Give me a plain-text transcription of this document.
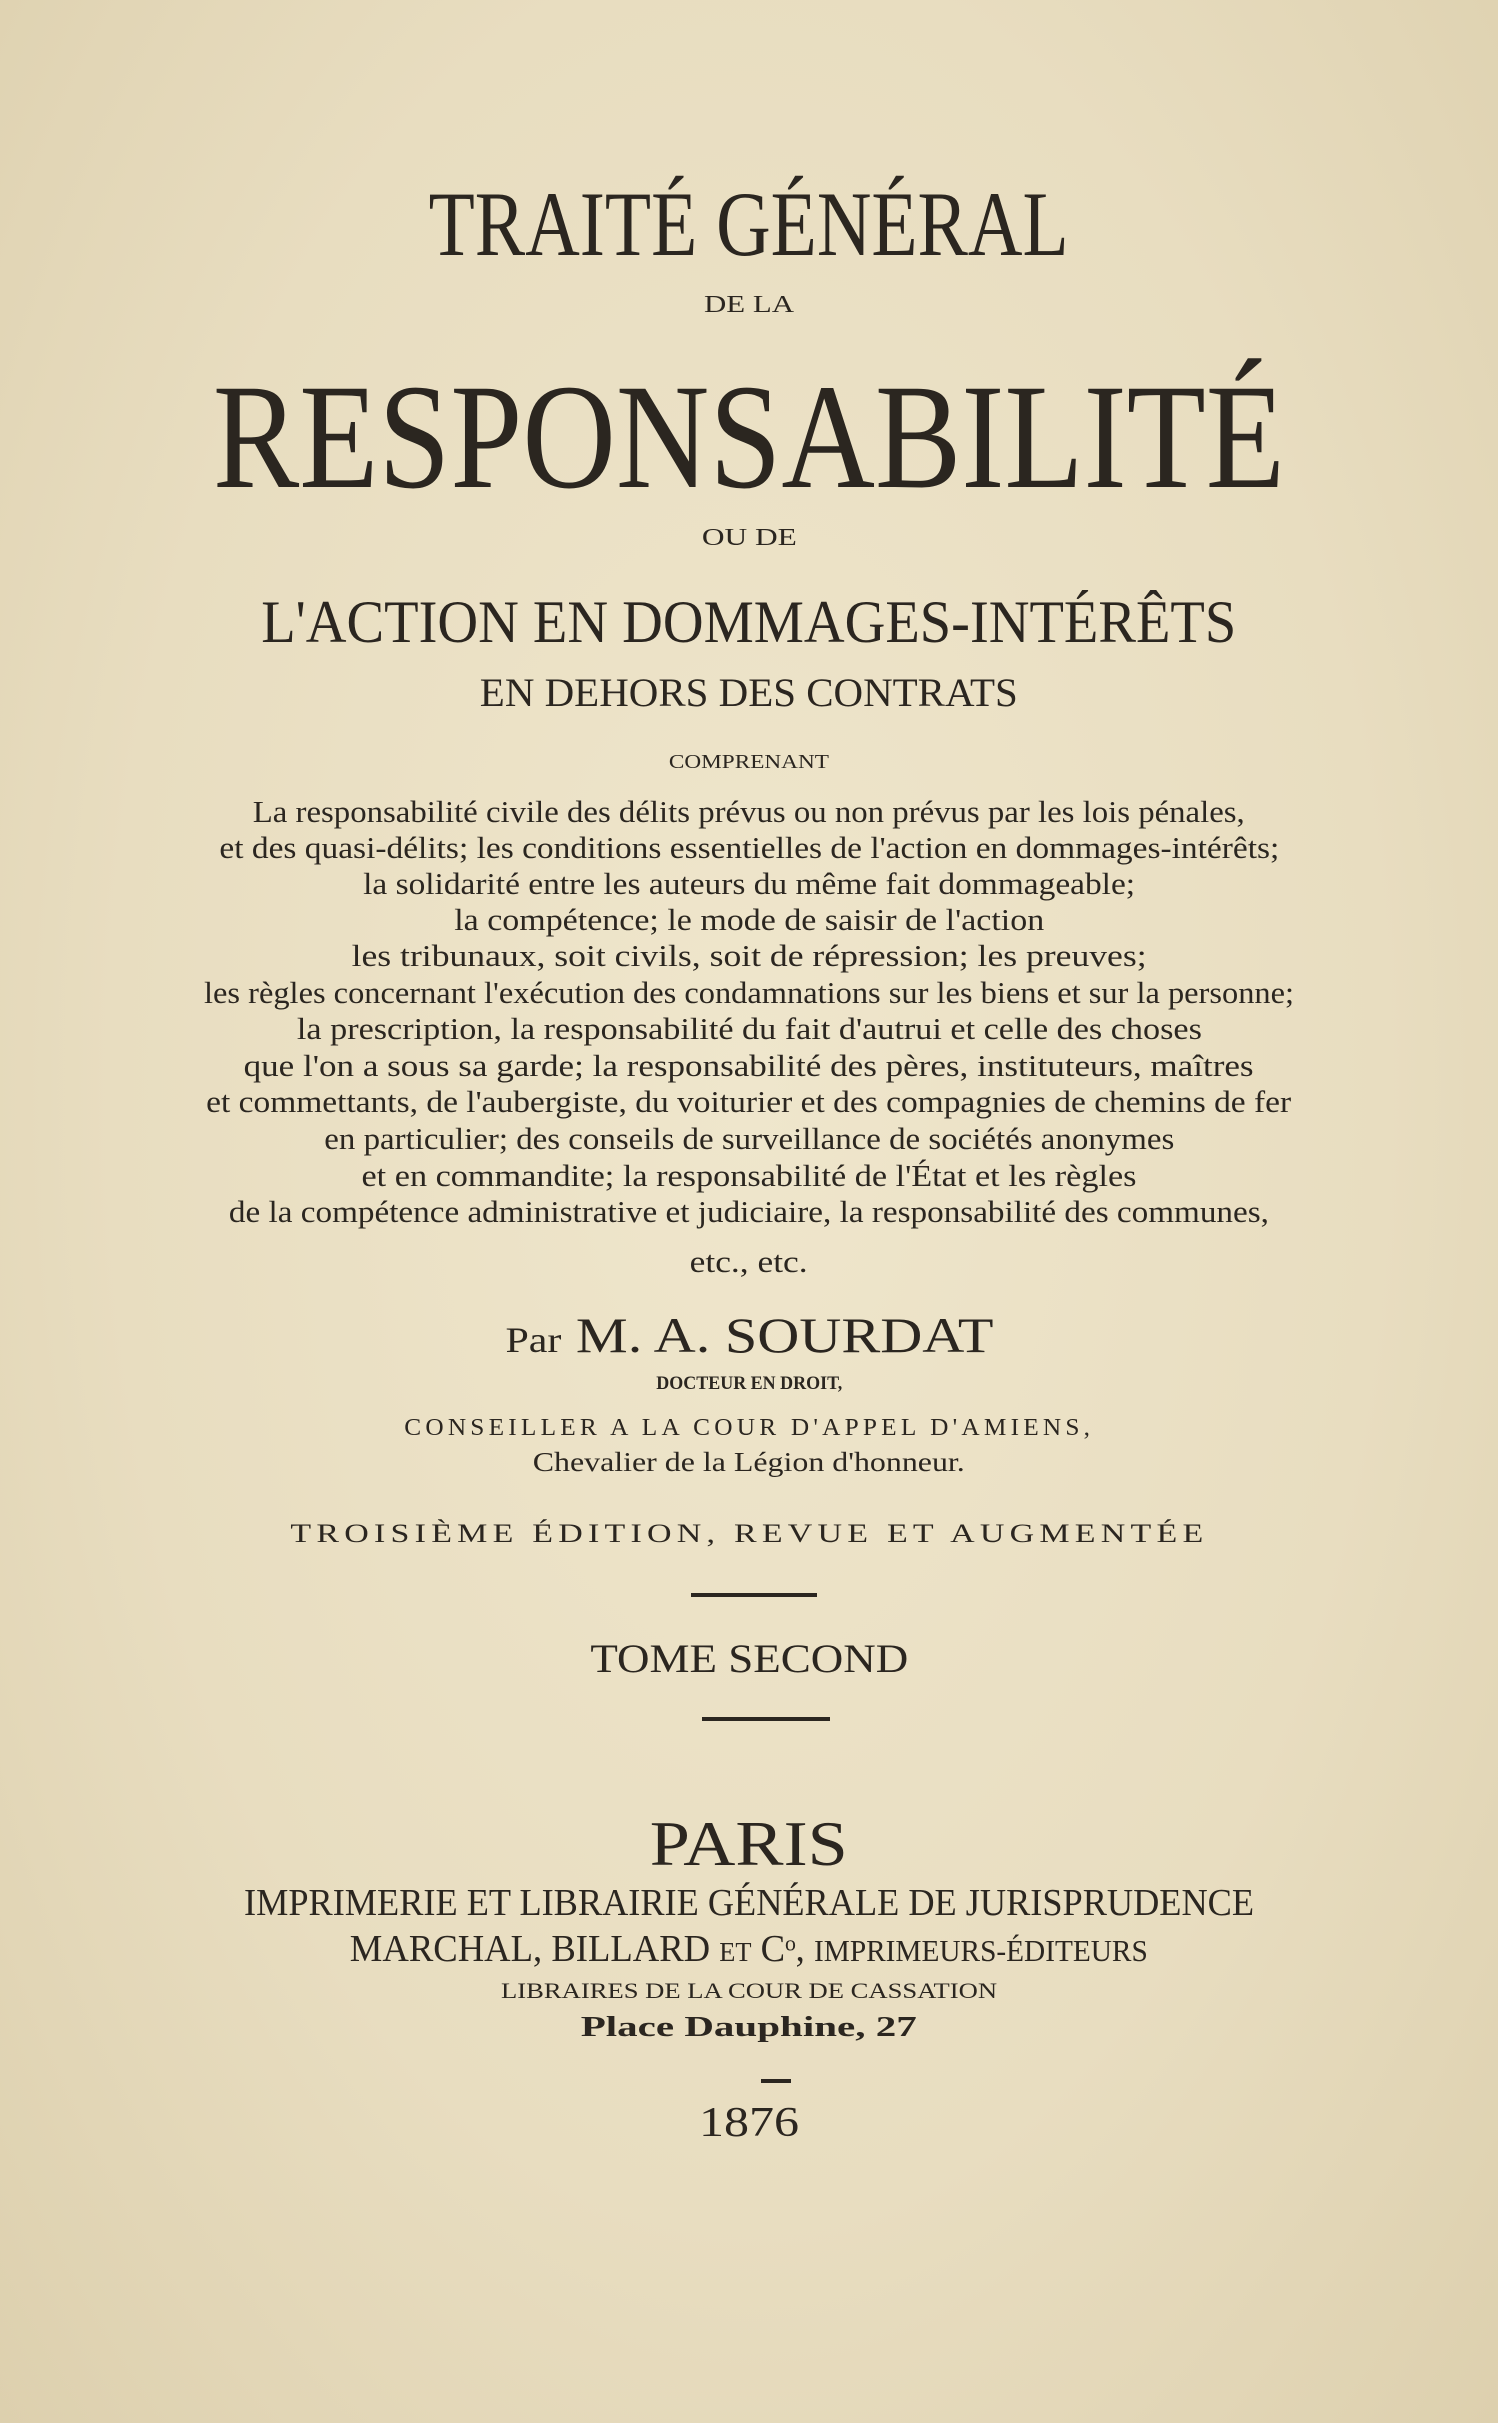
TRAITÉ GÉNÉRAL
DE LA
RESPONSABILITÉ
OU DE
L'ACTION EN DOMMAGES-INTÉRÊTS
EN DEHORS DES CONTRATS
COMPRENANT
La responsabilité civile des délits prévus ou non prévus par les lois pénales,
et des quasi-délits; les conditions essentielles de l'action en dommages-intérêts;
la solidarité entre les auteurs du même fait dommageable;
la compétence; le mode de saisir de l'action
les tribunaux, soit civils, soit de répression; les preuves;
les règles concernant l'exécution des condamnations sur les biens et sur la personne;
la prescription, la responsabilité du fait d'autrui et celle des choses
que l'on a sous sa garde; la responsabilité des pères, instituteurs, maîtres
et commettants, de l'aubergiste, du voiturier et des compagnies de chemins de fer
en particulier; des conseils de surveillance de sociétés anonymes
et en commandite; la responsabilité de l'État et les règles
de la compétence administrative et judiciaire, la responsabilité des communes,
etc., etc.
Par M. A. SOURDAT
DOCTEUR EN DROIT,
CONSEILLER A LA COUR D'APPEL D'AMIENS,
Chevalier de la Légion d'honneur.
TROISIÈME ÉDITION, REVUE ET AUGMENTÉE
TOME SECOND
PARIS
IMPRIMERIE ET LIBRAIRIE GÉNÉRALE DE JURISPRUDENCE
MARCHAL, BILLARD ET Cᵒ, IMPRIMEURS-ÉDITEURS
LIBRAIRES DE LA COUR DE CASSATION
Place Dauphine, 27
1876
